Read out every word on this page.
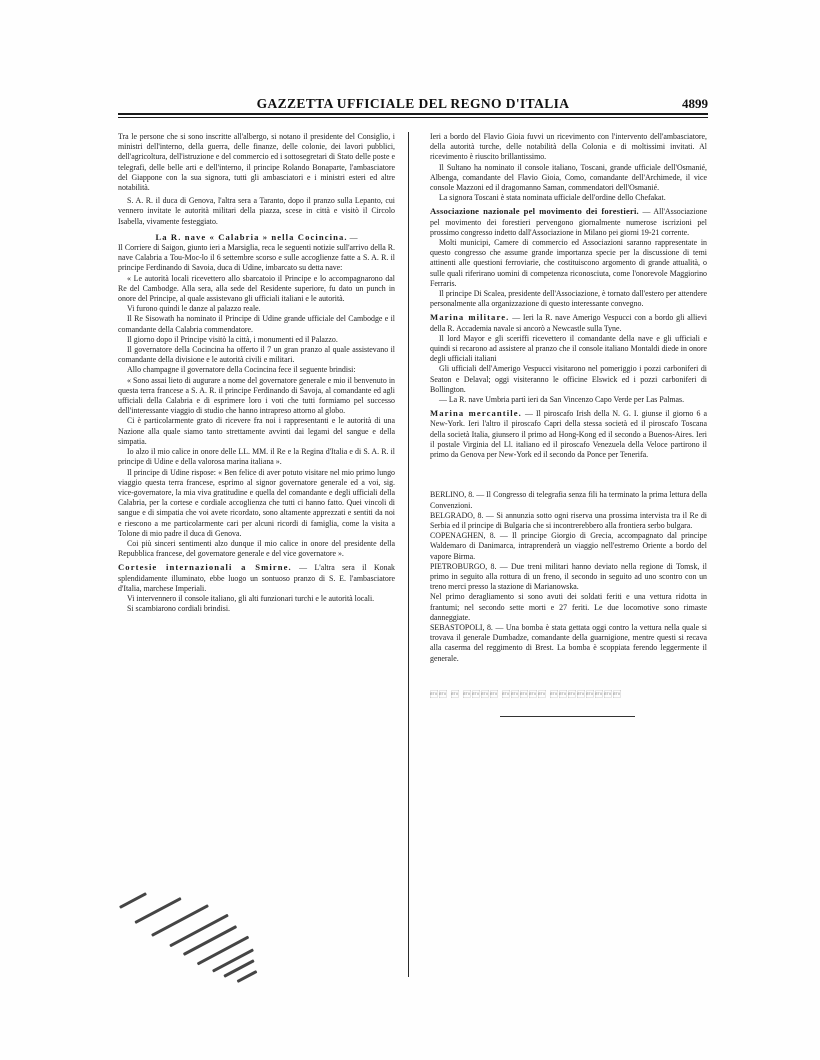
GAZZETTA UFFICIALE DEL REGNO D'ITALIA	4899

Tra le persone che si sono inscritte all'albergo, si notano il presidente del Consiglio, i ministri dell'interno, della guerra, delle finanze, delle colonie, dei lavori pubblici, dell'agricoltura, dell'istruzione e del commercio ed i sottosegretari di Stato delle poste e telegrafi, delle belle arti e dell'interno, il principe Rolando Bonaparte, l'ambasciatore del Giappone con la sua signora, tutti gli ambasciatori e i ministri esteri ed altre notabilità.

S. A. R. il duca di Genova, l'altra sera a Taranto, dopo il pranzo sulla Lepanto, cui vennero invitate le autorità militari della piazza, scese in città e visitò il Circolo Isabella, vivamente festeggiato.

La R. nave « Calabria » nella Cocincina. —

Il Corriere di Saigon, giunto ieri a Marsiglia, reca le seguenti notizie sull'arrivo della R. nave Calabria a Tou-Moc-lo il 6 settembre scorso e sulle accoglienze fatte a S. A. R. il principe Ferdinando di Savoia, duca di Udine, imbarcato su detta nave:

« Le autorità locali ricevettero allo sbarcatoio il Principe e lo accompagnarono dal Re del Cambodge. Alla sera, alla sede del Residente superiore, fu dato un punch in onore del Principe, al quale assistevano gli ufficiali italiani e le autorità.

Vi furono quindi le danze al palazzo reale.

Il Re Sisowath ha nominato il Principe di Udine grande ufficiale del Cambodge e il comandante della Calabria commendatore.

Il giorno dopo il Principe visitò la città, i monumenti ed il Palazzo.

Il governatore della Cocincina ha offerto il 7 un gran pranzo al quale assistevano il comandante della divisione e le autorità civili e militari.

Allo champagne il governatore della Cocincina fece il seguente brindisi:

« Sono assai lieto di augurare a nome del governatore generale e mio il benvenuto in questa terra francese a S. A. R. il principe Ferdinando di Savoja, al comandante ed agli ufficiali della Calabria e di esprimere loro i voti che tutti formiamo pel successo dell'interessante viaggio di studio che hanno intrapreso attorno al globo.

Ci è particolarmente grato di ricevere fra noi i rappresentanti e le autorità di una Nazione alla quale siamo tanto strettamente avvinti dai legami del sangue e della simpatia.

Io alzo il mio calice in onore delle LL. MM. il Re e la Regina d'Italia e di S. A. R. il principe di Udine e della valorosa marina italiana ».

Il principe di Udine rispose: « Ben felice di aver potuto visitare nel mio primo lungo viaggio questa terra francese, esprimo al signor governatore generale ed a voi, sig. vice-governatore, la mia viva gratitudine e quella del comandante e degli ufficiali della Calabria, per la cortese e cordiale accoglienza che tutti ci hanno fatto. Quei vincoli di sangue e di simpatia che voi avete ricordato, sono altamente apprezzati e sentiti da noi e riescono a me particolarmente cari per alcuni ricordi di famiglia, come la visita a Tolone di mio padre il duca di Genova.

Coi più sinceri sentimenti alzo dunque il mio calice in onore del presidente della Repubblica francese, del governatore generale e del vice governatore ».

Cortesie internazionali a Smirne. — L'altra sera il Konak splendidamente illuminato, ebbe luogo un sontuoso pranzo di S. E. l'ambasciatore d'Italia, marchese Imperiali.

Vi intervennero il console italiano, gli alti funzionari turchi e le autorità locali.

Si scambiarono cordiali brindisi.

Ieri a bordo del Flavio Gioia fuvvi un ricevimento con l'intervento dell'ambasciatore, della autorità turche, delle notabilità della Colonia e di moltissimi invitati. Al ricevimento è riuscito brillantissimo.

Il Sultano ha nominato il console italiano, Toscani, grande ufficiale dell'Osmanié, Albenga, comandante del Flavio Gioia, Como, comandante dell'Archimede, il vice console Mazzoni ed il dragomanno Saman, commendatori dell'Osmanié.

La signora Toscani è stata nominata ufficiale dell'ordine dello Chefakat.

Associazione nazionale pel movimento dei forestieri. — All'Associazione pel movimento dei forestieri pervengono giornalmente numerose iscrizioni pel prossimo congresso indetto dall'Associazione in Milano pei giorni 19-21 corrente.

Molti municipi, Camere di commercio ed Associazioni saranno rappresentate in questo congresso che assume grande importanza specie per la discussione di temi attinenti alle questioni ferroviarie, che costituiscono argomento di grande attualità, o sulle quali riferirano uomini di competenza riconosciuta, come l'onorevole Maggiorino Ferraris.

Il principe Di Scalea, presidente dell'Associazione, è tornato dall'estero per attendere personalmente alla organizzazione di questo interessante convegno.

Marina militare. — Ieri la R. nave Amerigo Vespucci con a bordo gli allievi della R. Accademia navale si ancorò a Newcastle sulla Tyne.

Il lord Mayor e gli sceriffi ricevettero il comandante della nave e gli ufficiali e quindi si recarono ad assistere al pranzo che il console italiano Montaldi diede in onore degli ufficiali italiani

Gli ufficiali dell'Amerigo Vespucci visitarono nel pomeriggio i pozzi carboniferi di Seaton e Delaval; oggi visiteranno le officine Elswick ed i pozzi carboniferi di Bollington.

— La R. nave Umbria partì ieri da San Vincenzo Capo Verde per Las Palmas.

Marina mercantile. — Il piroscafo Irish della N. G. I. giunse il giorno 6 a New-York. Ieri l'altro il piroscafo Capri della stessa società ed il piroscafo Toscana della società Italia, giunsero il primo ad Hong-Kong ed il secondo a Buenos-Aires. Ieri il postale Virginia del Ll. italiano ed il piroscafo Venezuela della Veloce partirono il primo da Genova per New-York ed il secondo da Ponce per Tenerifa.

BERLINO, 8. — Il Congresso di telegrafia senza fili ha terminato la prima lettura della Convenzioni.

BELGRADO, 8. — Si annunzia sotto ogni riserva una prossima intervista tra il Re di Serbia ed il principe di Bulgaria che si incontrerebbero alla frontiera serbo bulgara.

COPENAGHEN, 8. — Il principe Giorgio di Grecia, accompagnato dal principe Waldemaro di Danimarca, intraprenderà un viaggio nell'estremo Oriente a bordo del vapore Birma.

PIETROBURGO, 8. — Due treni militari hanno deviato nella regione di Tomsk, il primo in seguito alla rottura di un freno, il secondo in seguito ad uno scontro con un treno merci presso la stazione di Marianowska.

Nel primo deragliamento si sono avuti dei soldati feriti e una vettura ridotta in frantumi; nel secondo sette morti e 27 feriti. Le due locomotive sono rimaste danneggiate.

SEBASTOPOLI, 8. — Una bomba è stata gettata oggi contro la vettura nella quale si trovava il generale Dumbadze, comandante della guarnigione, mentre questi si recava alla caserma del reggimento di Brest. La bomba è scoppiata ferendo leggermente il generale.

    
